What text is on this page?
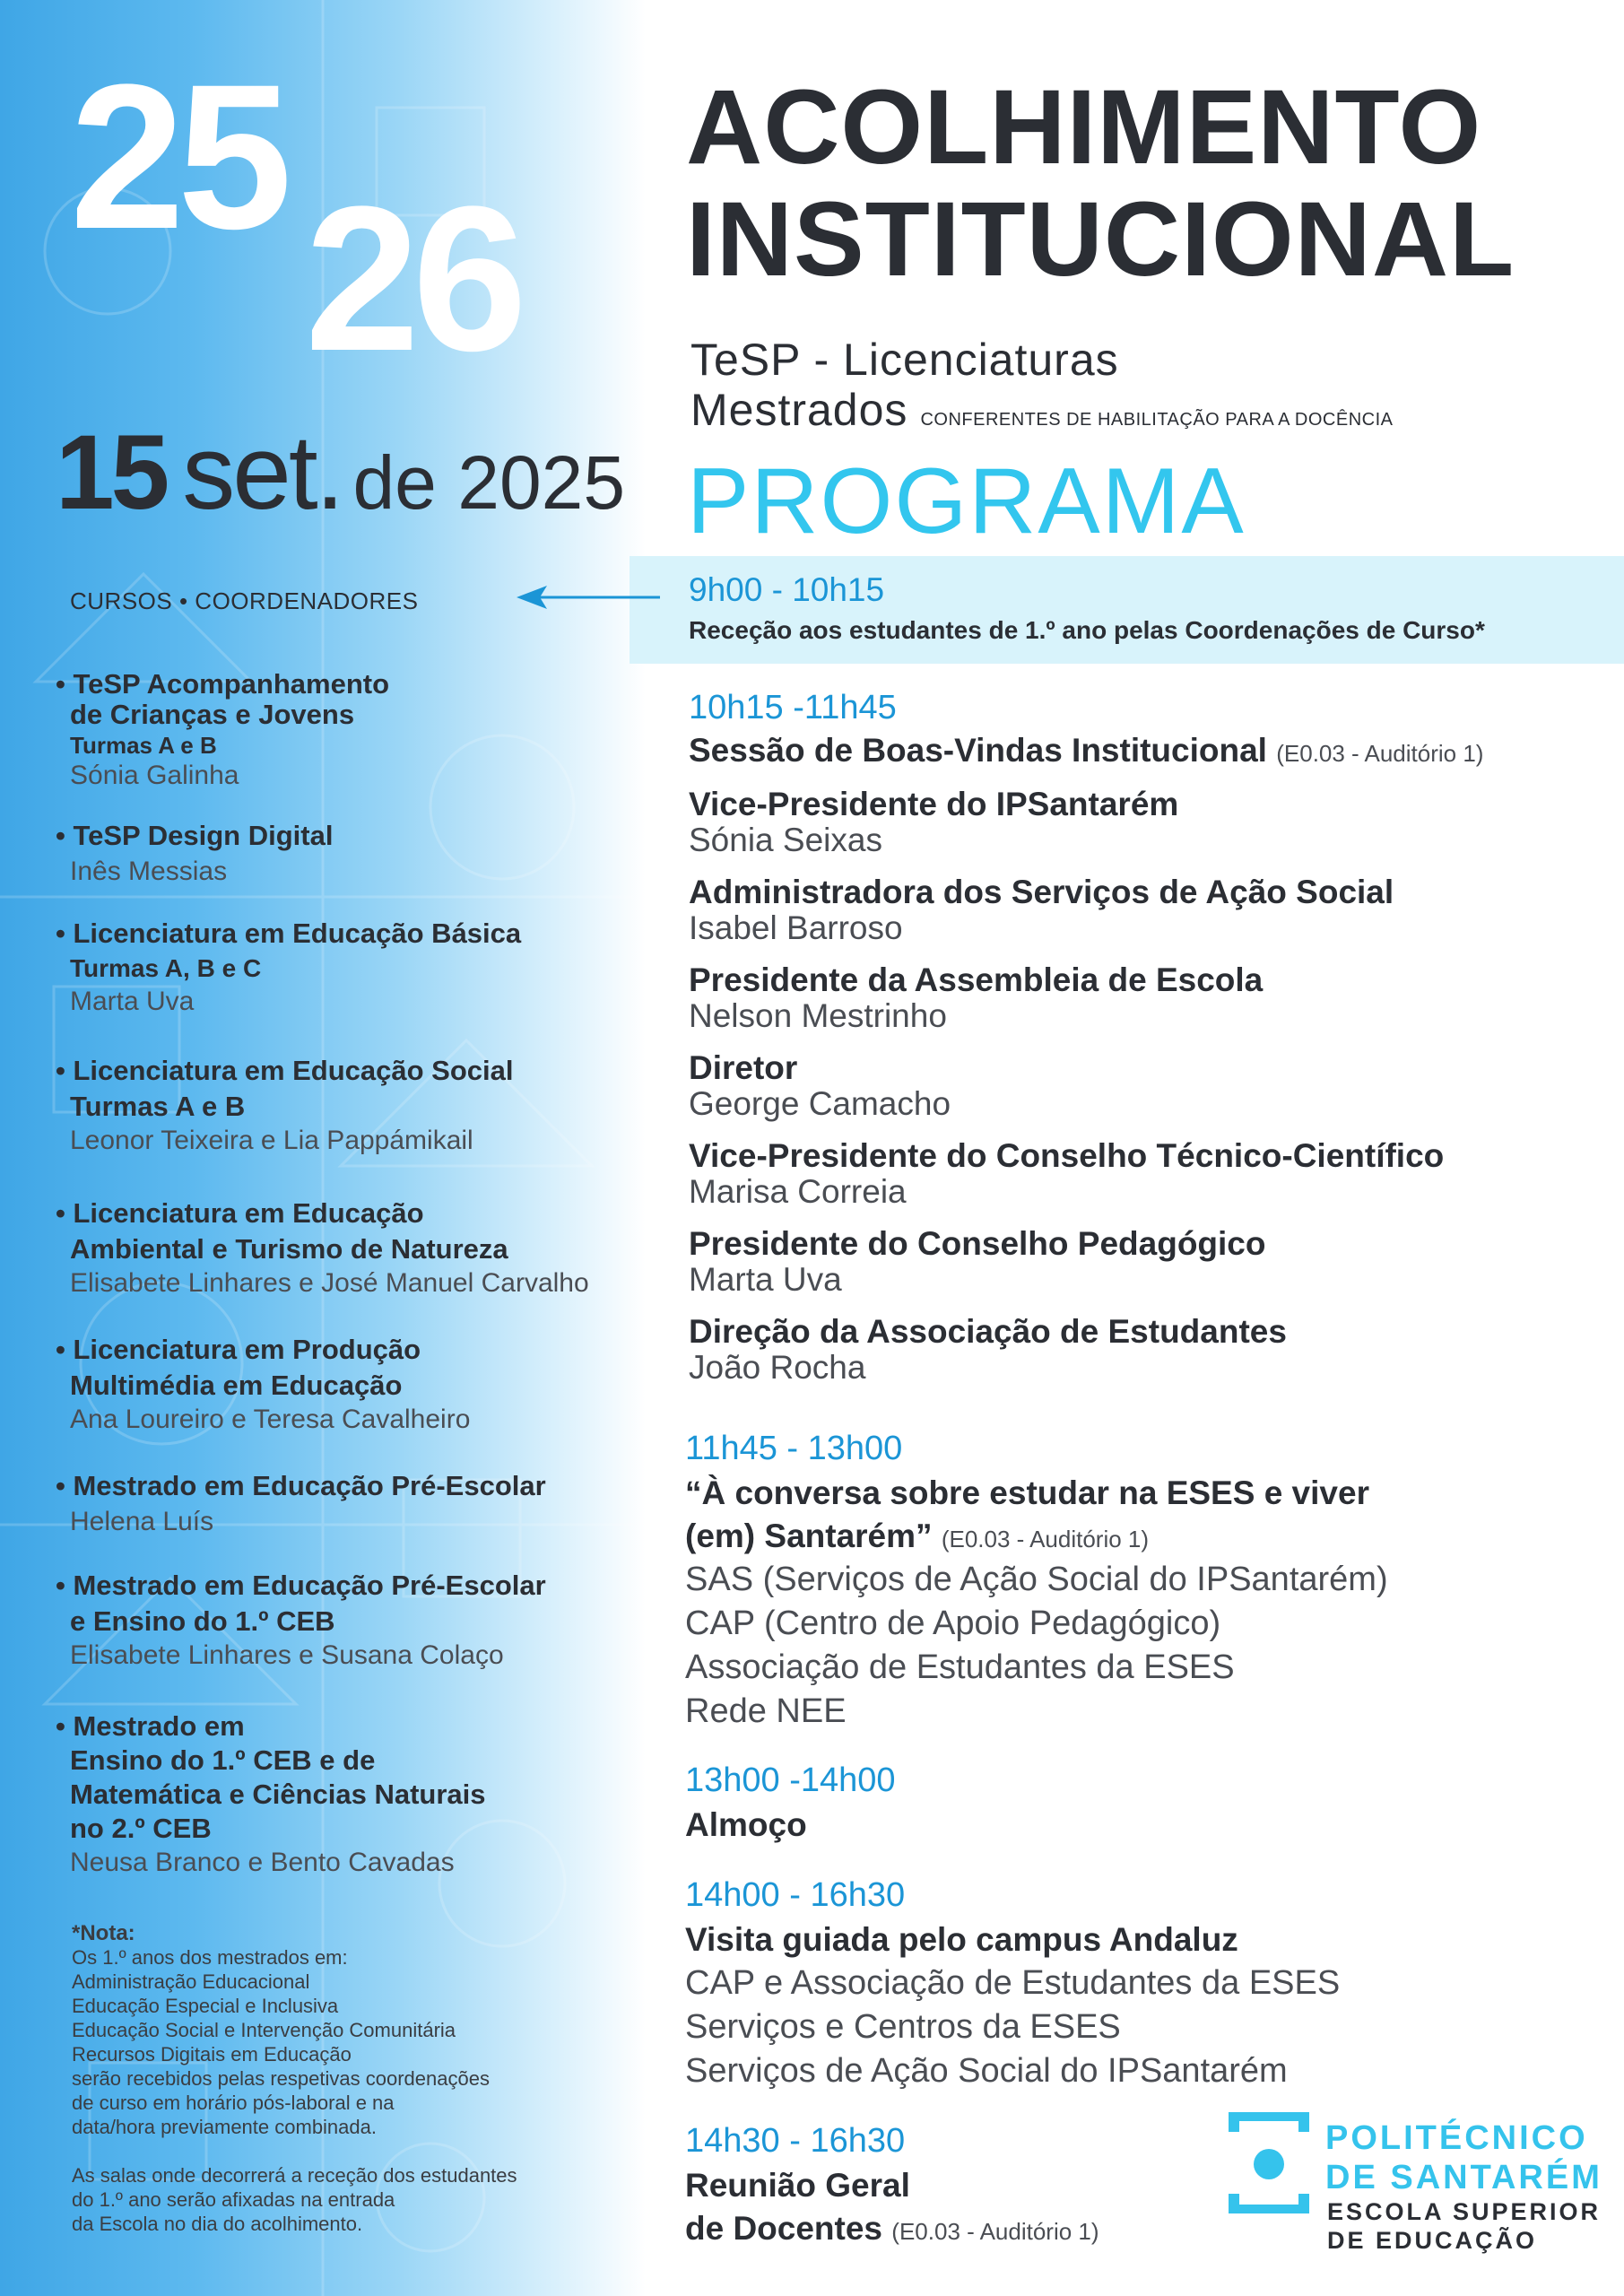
25
26
15 set. de 2025
ACOLHIMENTO
INSTITUCIONAL
TeSP - Licenciaturas
Mestrados CONFERENTES DE HABILITAÇÃO PARA A DOCÊNCIA
PROGRAMA
9h00 - 10h15
Receção aos estudantes de 1.º ano pelas Coordenações de Curso*
10h15 -11h45
Sessão de Boas-Vindas Institucional (E0.03 - Auditório 1)
Vice-Presidente do IPSantarém
Sónia Seixas
Administradora dos Serviços de Ação Social
Isabel Barroso
Presidente da Assembleia de Escola
Nelson Mestrinho
Diretor
George Camacho
Vice-Presidente do Conselho Técnico-Científico
Marisa Correia
Presidente do Conselho Pedagógico
Marta Uva
Direção da Associação de Estudantes
João Rocha
11h45 - 13h00
“À conversa sobre estudar na ESES e viver
(em) Santarém” (E0.03 - Auditório 1)
SAS (Serviços de Ação Social do IPSantarém)
CAP (Centro de Apoio Pedagógico)
Associação de Estudantes da ESES
Rede NEE
13h00 -14h00
Almoço
14h00 - 16h30
Visita guiada pelo campus Andaluz
CAP e Associação de Estudantes da ESES
Serviços e Centros da ESES
Serviços de Ação Social do IPSantarém
14h30 - 16h30
Reunião Geral
de Docentes (E0.03 - Auditório 1)
CURSOS • COORDENADORES
• TeSP Acompanhamento
de Crianças e Jovens
Turmas A e B
Sónia Galinha
• TeSP Design Digital
Inês Messias
• Licenciatura em Educação Básica
Turmas A, B e C
Marta Uva
• Licenciatura em Educação Social
Turmas A e B
Leonor Teixeira e Lia Pappámikail
• Licenciatura em Educação
Ambiental e Turismo de Natureza
Elisabete Linhares e José Manuel Carvalho
• Licenciatura em Produção
Multimédia em Educação
Ana Loureiro e Teresa Cavalheiro
• Mestrado em Educação Pré-Escolar
Helena Luís
• Mestrado em Educação Pré-Escolar
e Ensino do 1.º CEB
Elisabete Linhares e Susana Colaço
• Mestrado em
Ensino do 1.º CEB e de
Matemática e Ciências Naturais
no 2.º CEB
Neusa Branco e Bento Cavadas
*Nota:
Os 1.º anos dos mestrados em:
Administração Educacional
Educação Especial e Inclusiva
Educação Social e Intervenção Comunitária
Recursos Digitais em Educação
serão recebidos pelas respetivas coordenações
de curso em horário pós-laboral e na
data/hora previamente combinada.
As salas onde decorrerá a receção dos estudantes
do 1.º ano serão afixadas na entrada
da Escola no dia do acolhimento.
POLITÉCNICO
DE SANTARÉM
ESCOLA SUPERIOR
DE EDUCAÇÃO
